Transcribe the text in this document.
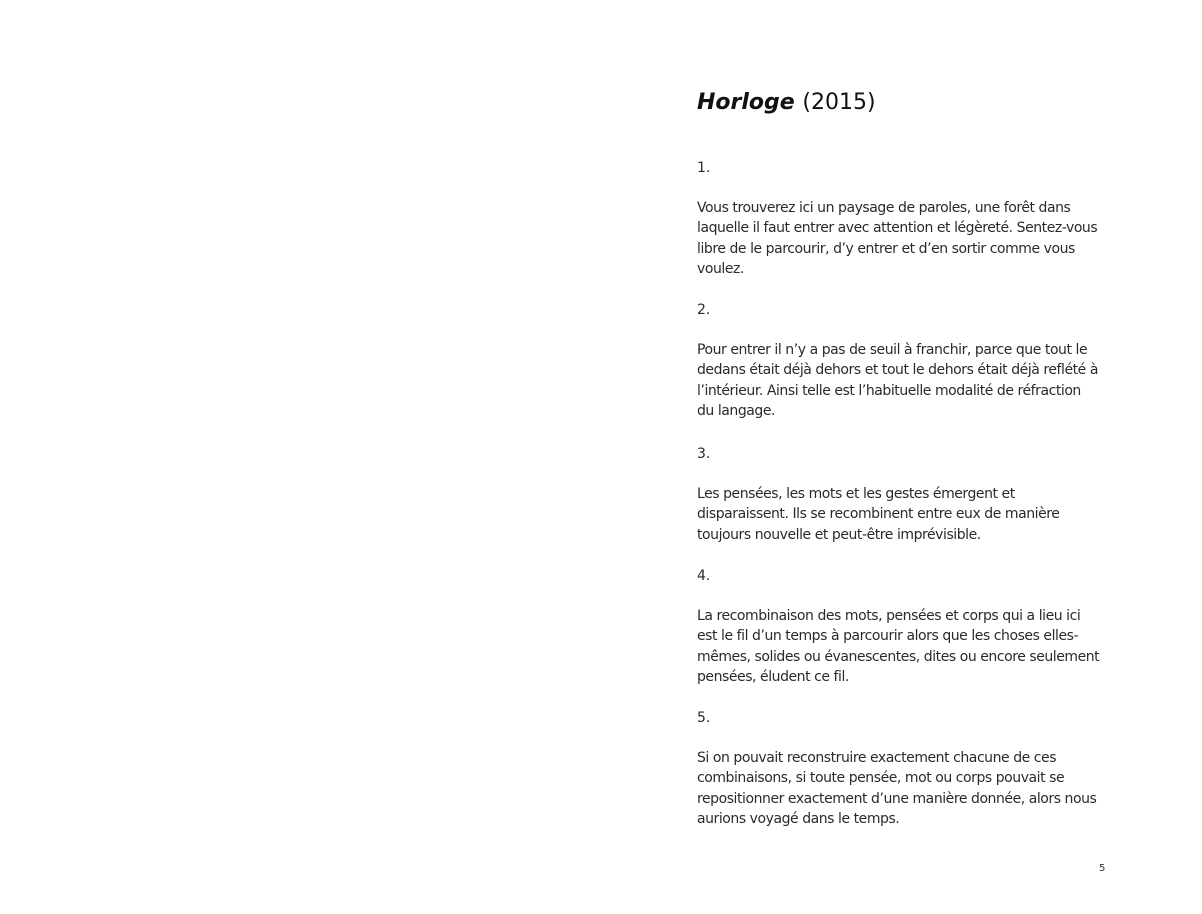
Horloge (2015)

1.

Vous trouverez ici un paysage de paroles, une forêt dans
laquelle il faut entrer avec attention et légèreté. Sentez-vous
libre de le parcourir, d’y entrer et d’en sortir comme vous
voulez.

2.

Pour entrer il n’y a pas de seuil à franchir, parce que tout le
dedans était déjà dehors et tout le dehors était déjà reflété à
l’intérieur. Ainsi telle est l’habituelle modalité de réfraction
du langage.

3.

Les pensées, les mots et les gestes émergent et
disparaissent. Ils se recombinent entre eux de manière
toujours nouvelle et peut-être imprévisible.

4.

La recombinaison des mots, pensées et corps qui a lieu ici
est le fil d’un temps à parcourir alors que les choses elles-
mêmes, solides ou évanescentes, dites ou encore seulement
pensées, éludent ce fil.

5.

Si on pouvait reconstruire exactement chacune de ces
combinaisons, si toute pensée, mot ou corps pouvait se
repositionner exactement d’une manière donnée, alors nous
aurions voyagé dans le temps.

5
